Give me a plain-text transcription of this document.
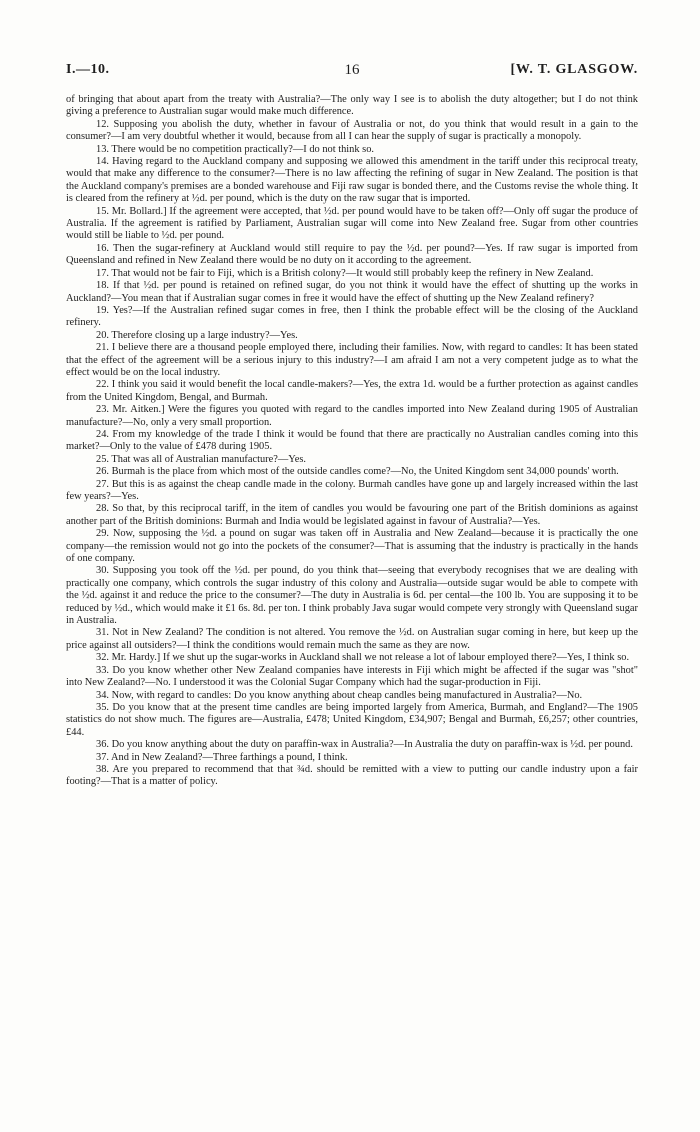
I.—10.	16	[W. T. GLASGOW.

of bringing that about apart from the treaty with Australia?—The only way I see is to abolish the duty altogether; but I do not think giving a preference to Australian sugar would make much difference.

12. Supposing you abolish the duty, whether in favour of Australia or not, do you think that would result in a gain to the consumer?—I am very doubtful whether it would, because from all I can hear the supply of sugar is practically a monopoly.

13. There would be no competition practically?—I do not think so.

14. Having regard to the Auckland company and supposing we allowed this amendment in the tariff under this reciprocal treaty, would that make any difference to the consumer?—There is no law affecting the refining of sugar in New Zealand. The position is that the Auckland company's premises are a bonded warehouse and Fiji raw sugar is bonded there, and the Customs revise the whole thing. It is cleared from the refinery at ½d. per pound, which is the duty on the raw sugar that is imported.

15. Mr. Bollard.] If the agreement were accepted, that ½d. per pound would have to be taken off?—Only off sugar the produce of Australia. If the agreement is ratified by Parliament, Australian sugar will come into New Zealand free. Sugar from other countries would still be liable to ½d. per pound.

16. Then the sugar-refinery at Auckland would still require to pay the ½d. per pound?—Yes. If raw sugar is imported from Queensland and refined in New Zealand there would be no duty on it according to the agreement.

17. That would not be fair to Fiji, which is a British colony?—It would still probably keep the refinery in New Zealand.

18. If that ½d. per pound is retained on refined sugar, do you not think it would have the effect of shutting up the works in Auckland?—You mean that if Australian sugar comes in free it would have the effect of shutting up the New Zealand refinery?

19. Yes?—If the Australian refined sugar comes in free, then I think the probable effect will be the closing of the Auckland refinery.

20. Therefore closing up a large industry?—Yes.

21. I believe there are a thousand people employed there, including their families. Now, with regard to candles: It has been stated that the effect of the agreement will be a serious injury to this industry?—I am afraid I am not a very competent judge as to what the effect would be on the local industry.

22. I think you said it would benefit the local candle-makers?—Yes, the extra 1d. would be a further protection as against candles from the United Kingdom, Bengal, and Burmah.

23. Mr. Aitken.] Were the figures you quoted with regard to the candles imported into New Zealand during 1905 of Australian manufacture?—No, only a very small proportion.

24. From my knowledge of the trade I think it would be found that there are practically no Australian candles coming into this market?—Only to the value of £478 during 1905.

25. That was all of Australian manufacture?—Yes.

26. Burmah is the place from which most of the outside candles come?—No, the United Kingdom sent 34,000 pounds' worth.

27. But this is as against the cheap candle made in the colony. Burmah candles have gone up and largely increased within the last few years?—Yes.

28. So that, by this reciprocal tariff, in the item of candles you would be favouring one part of the British dominions as against another part of the British dominions: Burmah and India would be legislated against in favour of Australia?—Yes.

29. Now, supposing the ½d. a pound on sugar was taken off in Australia and New Zealand—because it is practically the one company—the remission would not go into the pockets of the consumer?—That is assuming that the industry is practically in the hands of one company.

30. Supposing you took off the ½d. per pound, do you think that—seeing that everybody recognises that we are dealing with practically one company, which controls the sugar industry of this colony and Australia—outside sugar would be able to compete with the ½d. against it and reduce the price to the consumer?—The duty in Australia is 6d. per cental—the 100 lb. You are supposing it to be reduced by ½d., which would make it £1 6s. 8d. per ton. I think probably Java sugar would compete very strongly with Queensland sugar in Australia.

31. Not in New Zealand? The condition is not altered. You remove the ½d. on Australian sugar coming in here, but keep up the price against all outsiders?—I think the conditions would remain much the same as they are now.

32. Mr. Hardy.] If we shut up the sugar-works in Auckland shall we not release a lot of labour employed there?—Yes, I think so.

33. Do you know whether other New Zealand companies have interests in Fiji which might be affected if the sugar was "shot" into New Zealand?—No. I understood it was the Colonial Sugar Company which had the sugar-production in Fiji.

34. Now, with regard to candles: Do you know anything about cheap candles being manufactured in Australia?—No.

35. Do you know that at the present time candles are being imported largely from America, Burmah, and England?—The 1905 statistics do not show much. The figures are—Australia, £478; United Kingdom, £34,907; Bengal and Burmah, £6,257; other countries, £44.

36. Do you know anything about the duty on paraffin-wax in Australia?—In Australia the duty on paraffin-wax is ½d. per pound.

37. And in New Zealand?—Three farthings a pound, I think.

38. Are you prepared to recommend that that ¾d. should be remitted with a view to putting our candle industry upon a fair footing?—That is a matter of policy.
